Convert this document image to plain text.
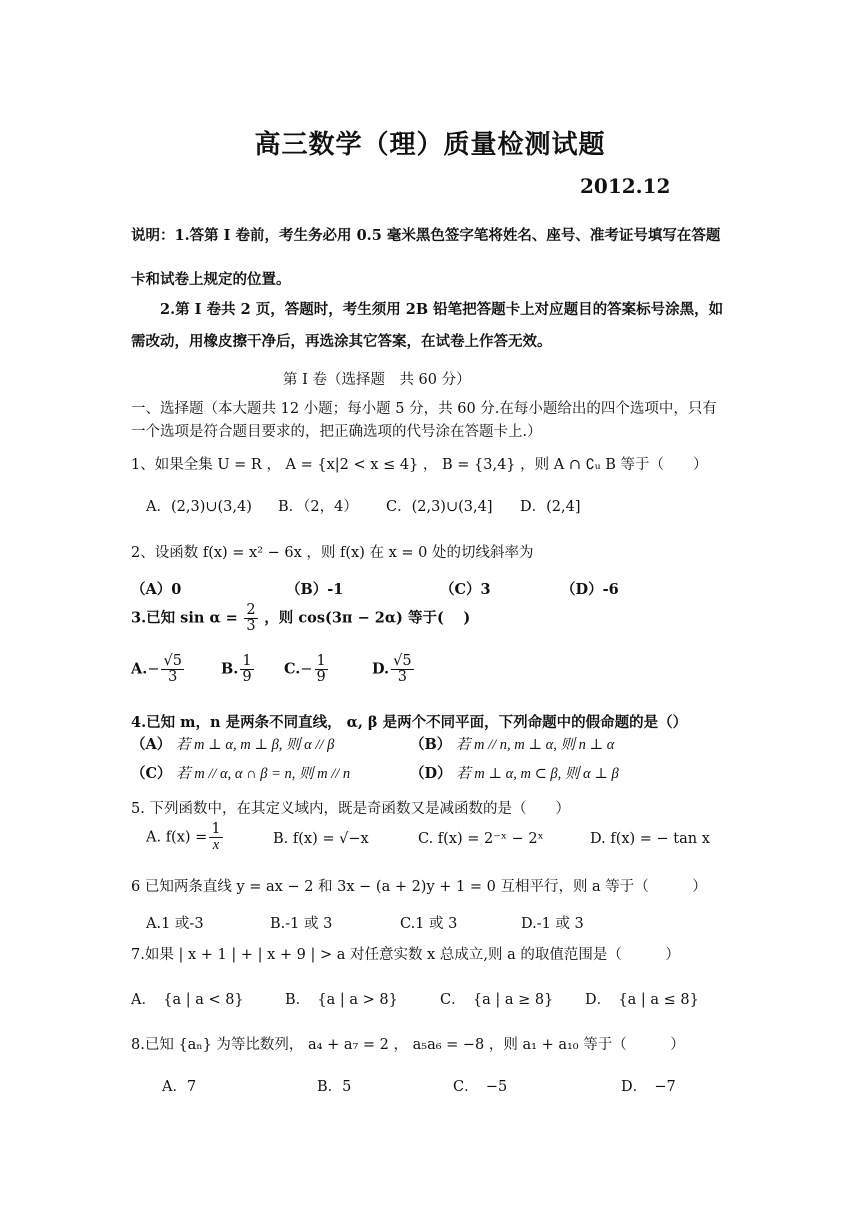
高三数学（理）质量检测试题
2012.12
说明：1.答第 I 卷前，考生务必用 0.5 毫米黑色签字笔将姓名、座号、准考证号填写在答题
卡和试卷上规定的位置。
2.第 I 卷共 2 页，答题时，考生须用 2B 铅笔把答题卡上对应题目的答案标号涂黑，如
需改动，用橡皮擦干净后，再选涂其它答案，在试卷上作答无效。
第 I 卷（选择题　共 60 分）
一、选择题（本大题共 12 小题；每小题 5 分，共 60 分.在每小题给出的四个选项中，只有
一个选项是符合题目要求的，把正确选项的代号涂在答题卡上.）
1、如果全集 U = R ， A = {x|2 < x ≤ 4} ， B = {3,4} ，则 A ∩ ∁ᵤ B 等于（　　）
A．(2,3)∪(3,4) B．（2，4） C．(2,3)∪(3,4] D．(2,4]
2、设函数 f(x) = x² − 6x ，则 f(x) 在 x = 0 处的切线斜率为
（A）0	（B）-1	（C）3	（D）-6
3.已知 $\sin \alpha = \frac{2}{3}$ ，则 cos(3π − 2α) 等于(　 )
$A.- \frac{√5}{3}$	B. $\frac{1}{9} C.- \frac{1}{9}$	D. $\frac{√5}{3}$
4.已知 m，n 是两条不同直线， α, β 是两个不同平面，下列命题中的假命题的是（）
（A） 若 m ⊥ α, m ⊥ β, 则 α // β	（B） 若 m // n, m ⊥ α, 则 n ⊥ α
（C） 若 m // α, α ∩ β = n, 则 m // n	（D） 若 m ⊥ α, m ⊂ β, 则 α ⊥ β
5. 下列函数中，在其定义域内，既是奇函数又是减函数的是（　　）
A. $f(x) = \frac{1}{x}$	B. f(x) = √−x	C. f(x) = 2⁻ˣ − 2ˣ	D. f(x) = − tan x
6 已知两条直线 y = ax − 2 和 3x − (a + 2)y + 1 = 0 互相平行，则 a 等于（　　　）
A.1 或-3	B.-1 或 3	C.1 或 3	D.-1 或 3
7.如果 | x + 1 | + | x + 9 | > a 对任意实数 x 总成立,则 a 的取值范围是（　　　）
A．　{a | a < 8}	B．　{a | a > 8}	C．　{a | a ≥ 8} D．　{a | a ≤ 8}
8.已知 {aₙ} 为等比数列， a₄ + a₇ = 2 ， a₅a₆ = −8 ，则 a₁ + a₁₀ 等于（　　　）
A．7	B．5	C．　−5	D．　−7
